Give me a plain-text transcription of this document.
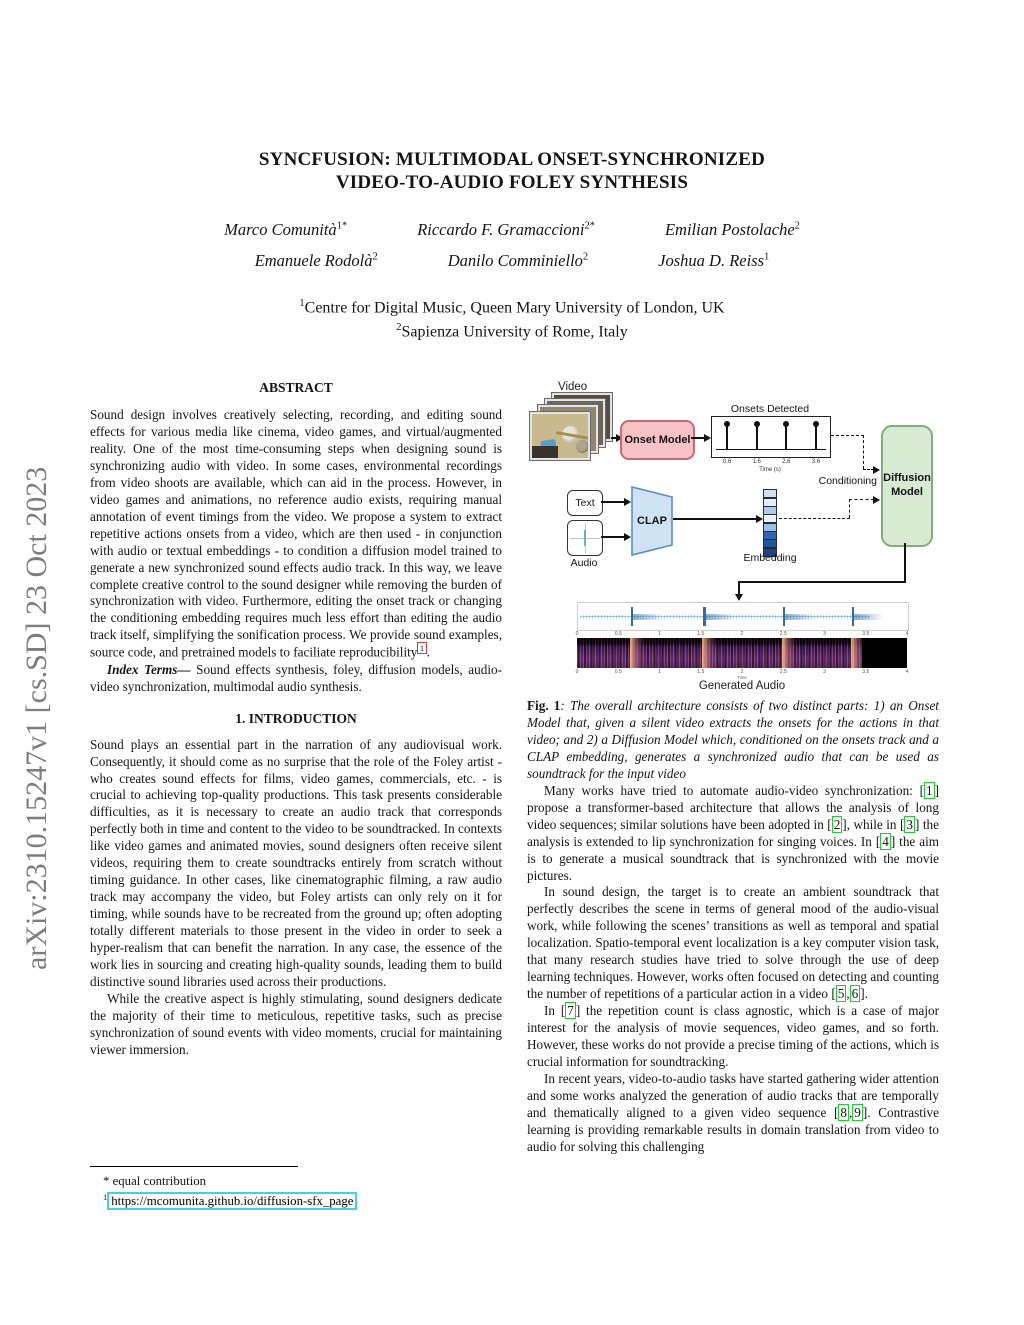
arXiv:2310.15247v1 [cs.SD] 23 Oct 2023
SYNCFUSION: MULTIMODAL ONSET-SYNCHRONIZED
VIDEO-TO-AUDIO FOLEY SYNTHESIS
Marco Comunità$^{1*}$	Riccardo F. Gramaccioni$^{2*}$	Emilian Postolache$^2$
Emanuele Rodolà$^2$	Danilo Comminiello$^2$	Joshua D. Reiss$^1$
$^1$Centre for Digital Music, Queen Mary University of London, UK
$^2$Sapienza University of Rome, Italy
ABSTRACT

Sound design involves creatively selecting, recording, and editing sound effects for various media like cinema, video games, and virtual/augmented reality. One of the most time-consuming steps when designing sound is synchronizing audio with video. In some cases, environmental recordings from video shoots are available, which can aid in the process. However, in video games and animations, no reference audio exists, requiring manual annotation of event timings from the video. We propose a system to extract repetitive actions onsets from a video, which are then used - in conjunction with audio or textual embeddings - to condition a diffusion model trained to generate a new synchronized sound effects audio track. In this way, we leave complete creative control to the sound designer while removing the burden of synchronization with video. Furthermore, editing the onset track or changing the conditioning embedding requires much less effort than editing the audio track itself, simplifying the sonification process. We provide sound examples, source code, and pretrained models to faciliate reproducibility $^1$ .

Index Terms— Sound effects synthesis, foley, diffusion models, audio-video synchronization, multimodal audio synthesis.

1. INTRODUCTION

Sound plays an essential part in the narration of any audiovisual work. Consequently, it should come as no surprise that the role of the Foley artist - who creates sound effects for films, video games, commercials, etc. - is crucial to achieving top-quality productions. This task presents considerable difficulties, as it is necessary to create an audio track that corresponds perfectly both in time and content to the video to be soundtracked. In contexts like video games and animated movies, sound designers often receive silent videos, requiring them to create soundtracks entirely from scratch without timing guidance. In other cases, like cinematographic filming, a raw audio track may accompany the video, but Foley artists can only rely on it for timing, while sounds have to be recreated from the ground up; often adopting totally different materials to those present in the video in order to seek a hyper-realism that can benefit the narration. In any case, the essence of the work lies in sourcing and creating high-quality sounds, leading them to build distinctive sound libraries used across their productions.

While the creative aspect is highly stimulating, sound designers dedicate the majority of their time to meticulous, repetitive tasks, such as precise synchronization of sound events with video moments, crucial for maintaining viewer immersion.

* equal contribution
$^1$ https://mcomunita.github.io/diffusion-sfx_page
Video
Onset Model
Onsets Detected
0.6	1.6	2.6	3.6
Time (s)
Conditioning Diffusion
Model
Text
Audio
CLAP
Embedding
0	0.5	1	1.5	2	2.5	3	3.5	4
0	0.5	1	1.5	2	2.5	3	3.5	4
Time
Generated Audio

Fig. 1: The overall architecture consists of two distinct parts: 1) an Onset Model that, given a silent video extracts the onsets for the actions in that video; and 2) a Diffusion Model which, conditioned on the onsets track and a CLAP embedding, generates a synchronized audio that can be used as soundtrack for the input video

Many works have tried to automate audio-video synchronization: [ 1 ] propose a transformer-based architecture that allows the analysis of long video sequences; similar solutions have been adopted in [ 2 ], while in [ 3 ] the analysis is extended to lip synchronization for singing voices. In [ 4 ] the aim is to generate a musical soundtrack that is synchronized with the movie pictures.

In sound design, the target is to create an ambient soundtrack that perfectly describes the scene in terms of general mood of the audio-visual work, while following the scenes’ transitions as well as temporal and spatial localization. Spatio-temporal event localization is a key computer vision task, that many research studies have tried to solve through the use of deep learning techniques. However, works often focused on detecting and counting the number of repetitions of a particular action in a video [ 5 , 6 ].

In [ 7 ] the repetition count is class agnostic, which is a case of major interest for the analysis of movie sequences, video games, and so forth. However, these works do not provide a precise timing of the actions, which is crucial information for soundtracking.

In recent years, video-to-audio tasks have started gathering wider attention and some works analyzed the generation of audio tracks that are temporally and thematically aligned to a given video sequence [ 8 , 9 ]. Contrastive learning is providing remarkable results in domain translation from video to audio for solving this challenging
